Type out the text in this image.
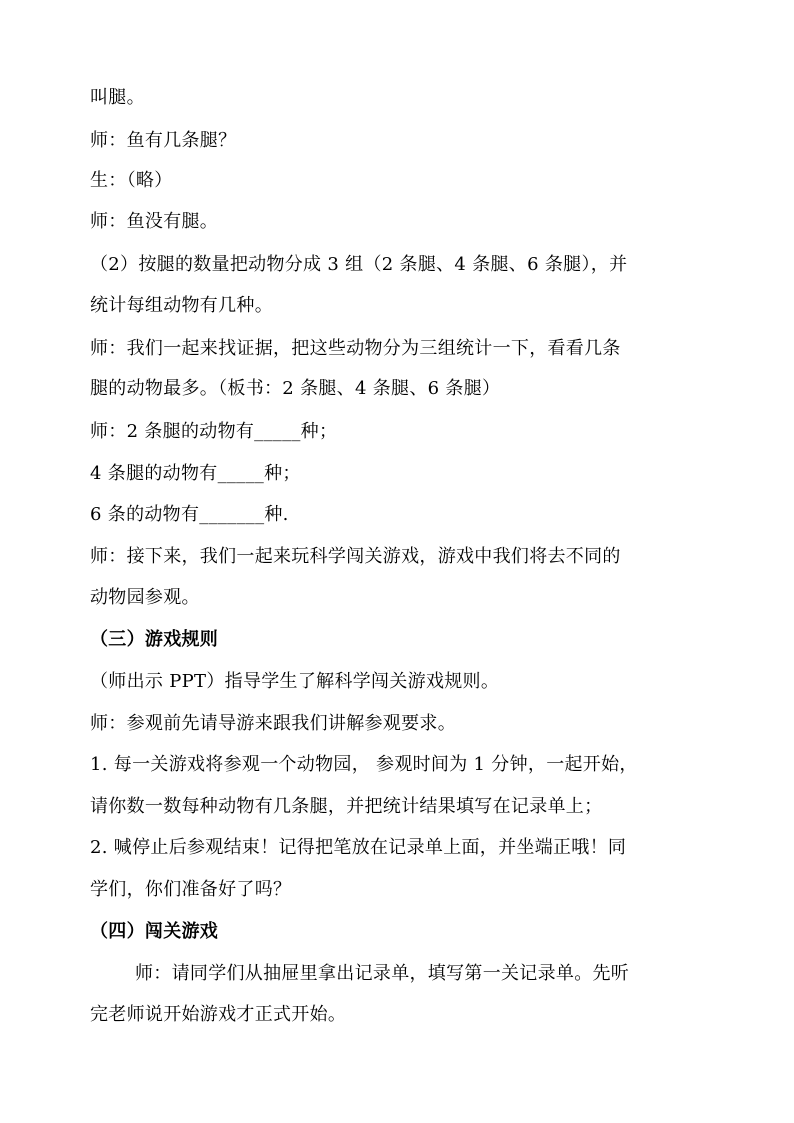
叫腿。
师：鱼有几条腿？
生：（略）
师：鱼没有腿。
（2）按腿的数量把动物分成 3 组（2 条腿、4 条腿、6 条腿），并
统计每组动物有几种。
师：我们一起来找证据，把这些动物分为三组统计一下，看看几条
腿的动物最多。（板书：2 条腿、4 条腿、6 条腿）
师：2 条腿的动物有_____种；
4 条腿的动物有_____种；
6 条的动物有_______种.
师：接下来，我们一起来玩科学闯关游戏，游戏中我们将去不同的
动物园参观。
（三）游戏规则
（师出示 PPT）指导学生了解科学闯关游戏规则。
师：参观前先请导游来跟我们讲解参观要求。
1. 每一关游戏将参观一个动物园， 参观时间为 1 分钟，一起开始，
请你数一数每种动物有几条腿，并把统计结果填写在记录单上；
2. 喊停止后参观结束！记得把笔放在记录单上面，并坐端正哦！同
学们，你们准备好了吗？
（四）闯关游戏
师：请同学们从抽屉里拿出记录单，填写第一关记录单。先听
完老师说开始游戏才正式开始。
